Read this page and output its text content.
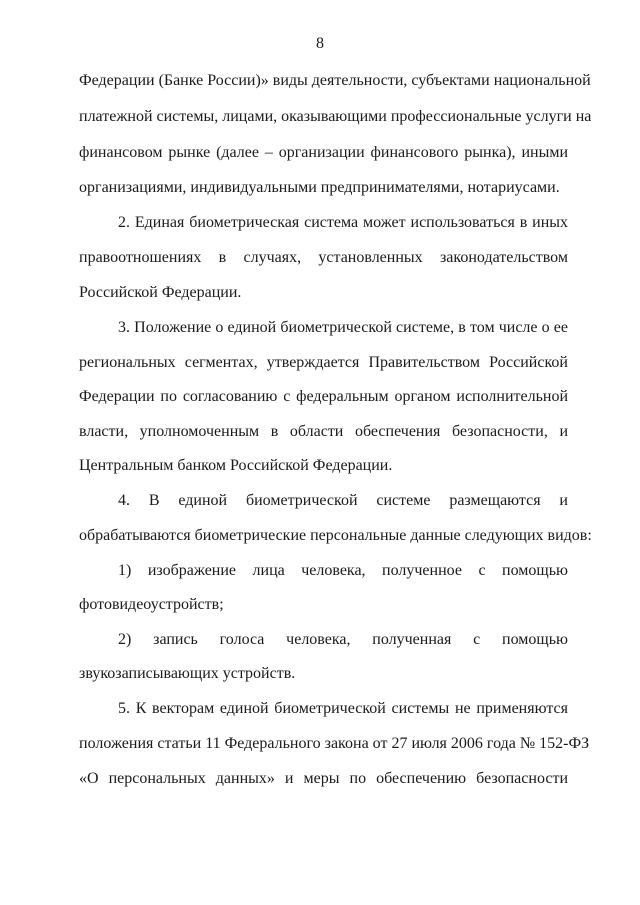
8
Федерации (Банке России)» виды деятельности, субъектами национальной
платежной системы, лицами, оказывающими профессиональные услуги на
финансовом рынке (далее – организации финансового рынка), иными
организациями, индивидуальными предпринимателями, нотариусами.
2. Единая биометрическая система может использоваться в иных
правоотношениях в случаях, установленных законодательством
Российской Федерации.
3. Положение о единой биометрической системе, в том числе о ее
региональных сегментах, утверждается Правительством Российской
Федерации по согласованию с федеральным органом исполнительной
власти, уполномоченным в области обеспечения безопасности, и
Центральным банком Российской Федерации.
4. В единой биометрической системе размещаются и
обрабатываются биометрические персональные данные следующих видов:
1) изображение лица человека, полученное с помощью
фотовидеоустройств;
2) запись голоса человека, полученная с помощью
звукозаписывающих устройств.
5. К векторам единой биометрической системы не применяются
положения статьи 11 Федерального закона от 27 июля 2006 года № 152-ФЗ
«О персональных данных» и меры по обеспечению безопасности
